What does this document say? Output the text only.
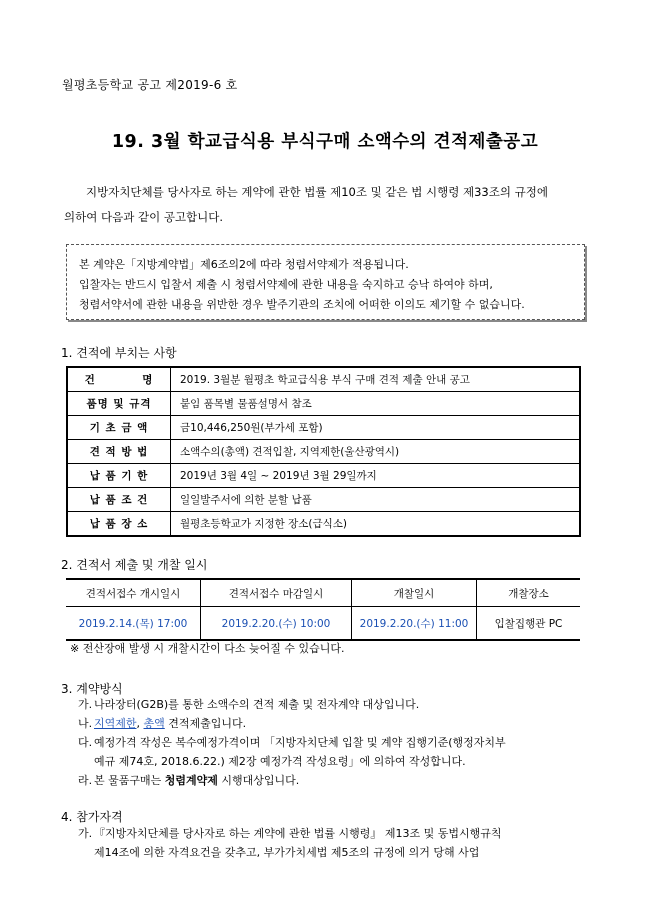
월평초등학교 공고 제2019-6 호
19. 3월 학교급식용 부식구매 소액수의 견적제출공고
지방자치단체를 당사자로 하는 계약에 관한 법률 제10조 및 같은 법 시행령 제33조의 규정에
의하여 다음과 같이 공고합니다.
본 계약은「지방계약법」제6조의2에 따라 청렴서약제가 적용됩니다.
입찰자는 반드시 입찰서 제출 시 청렴서약제에 관한 내용을 숙지하고 승낙 하여야 하며,
청렴서약서에 관한 내용을 위반한 경우 발주기관의 조치에 어떠한 이의도 제기할 수 없습니다.
1. 견적에 부치는 사항
건          명	2019. 3월분 월평초 학교급식용 부식 구매 견적 제출 안내 공고
품명 및 규격	붙임 품목별 물품설명서 참조
기 초 금 액	금10,446,250원(부가세 포함)
견 적 방 법	소액수의(총액) 견적입찰, 지역제한(울산광역시)
납 품 기 한	2019년 3월 4일 ~ 2019년 3월 29일까지
납 품 조 건	일일발주서에 의한 분할 납품
납 품 장 소	월평초등학교가 지정한 장소(급식소)
2. 견적서 제출 및 개찰 일시
견적서접수 개시일시	견적서접수 마감일시	개찰일시	개찰장소
2019.2.14.(목) 17:00	2019.2.20.(수) 10:00	2019.2.20.(수) 11:00	입찰집행관 PC
※ 전산장애 발생 시 개찰시간이 다소 늦어질 수 있습니다.
3. 계약방식
가. 나라장터(G2B)를 통한 소액수의 견적 제출 및 전자계약 대상입니다.
나. 지역제한, 총액 견적제출입니다.
다. 예정가격 작성은 복수예정가격이며 「지방자치단체 입찰 및 계약 집행기준(행정자치부
예규 제74호, 2018.6.22.) 제2장 예정가격 작성요령」에 의하여 작성합니다.
라. 본 물품구매는 청렴계약제 시행대상입니다.
4. 참가자격
가. 『지방자치단체를 당사자로 하는 계약에 관한 법률 시행령』 제13조 및 동법시행규칙
제14조에 의한 자격요건을 갖추고, 부가가치세법 제5조의 규정에 의거 당해 사업
